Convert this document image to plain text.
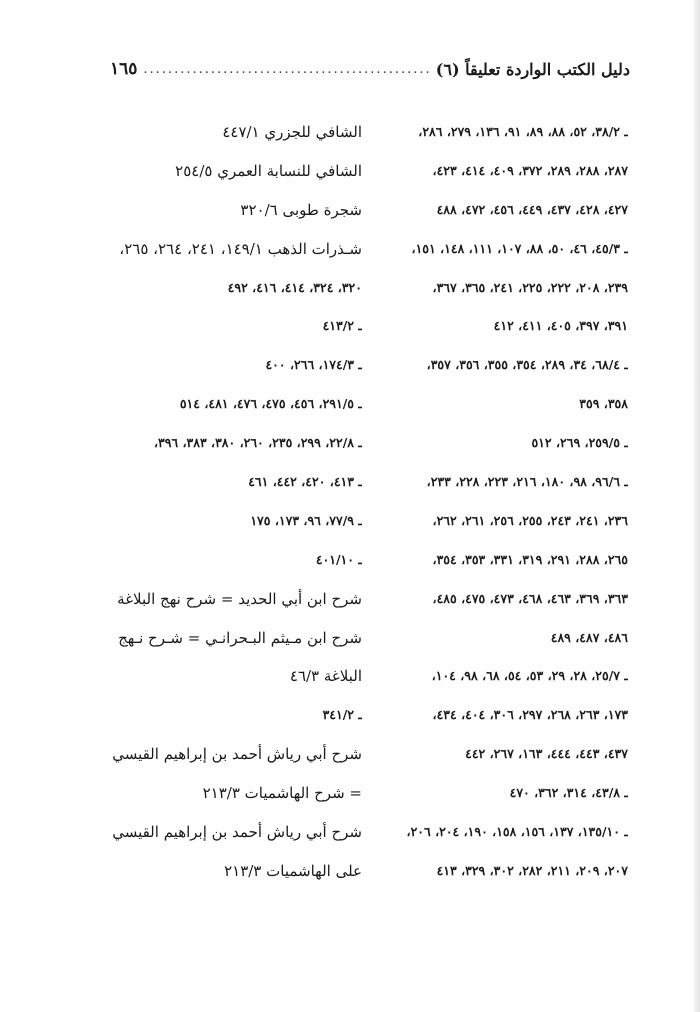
دليل الكتب الواردة تعليقاً (٦)
.....
١٦٥
ـ ٣٨/٢، ٥٢، ٨٨، ٨٩، ٩١، ١٣٦، ٢٧٩، ٢٨٦،
٢٨٧، ٢٨٨، ٢٨٩، ٣٧٢، ٤٠٩، ٤١٤، ٤٢٣،
٤٢٧، ٤٢٨، ٤٣٧، ٤٤٩، ٤٥٦، ٤٧٢، ٤٨٨
ـ ٤٥/٣، ٤٦، ٥٠، ٨٨، ١٠٧، ١١١، ١٤٨، ١٥١،
٢٣٩، ٢٠٨، ٢٢٢، ٢٢٥، ٢٤١، ٣٦٥، ٣٦٧،
٣٩١، ٣٩٧، ٤٠٥، ٤١١، ٤١٢
ـ ٦٨/٤، ٣٤، ٢٨٩، ٣٥٤، ٣٥٥، ٣٥٦، ٣٥٧،
٣٥٨، ٣٥٩
ـ ٢٥٩/٥، ٢٦٩، ٥١٢
ـ ٩٦/٦، ٩٨، ١٨٠، ٢١٦، ٢٢٣، ٢٢٨، ٢٣٣،
٢٣٦، ٢٤١، ٢٤٣، ٢٥٥، ٢٥٦، ٢٦١، ٢٦٢،
٢٦٥، ٢٨٨، ٢٩١، ٣١٩، ٣٣١، ٣٥٣، ٣٥٤،
٣٦٣، ٣٦٩، ٤٦٣، ٤٦٨، ٤٧٣، ٤٧٥، ٤٨٥،
٤٨٦، ٤٨٧، ٤٨٩
ـ ٢٥/٧، ٢٨، ٢٩، ٥٣، ٥٤، ٦٨، ٩٨، ١٠٤،
١٧٣، ٢٦٣، ٢٦٨، ٢٩٧، ٣٠٦، ٤٠٤، ٤٣٤،
٤٣٧، ٤٤٣، ٤٤٤، ١٦٣، ٢٦٧، ٤٤٢
ـ ٤٣/٨، ٣١٤، ٣٦٢، ٤٧٠
ـ ١٣٥/١٠، ١٣٧، ١٥٦، ١٥٨، ١٩٠، ٢٠٤، ٢٠٦،
٢٠٧، ٢٠٩، ٢١١، ٢٨٢، ٣٠٢، ٣٢٩، ٤١٣
الشافي للجزري ٤٤٧/١
الشافي للنسابة العمري ٢٥٤/٥
شجرة طوبى ٣٢٠/٦
شـذرات الذهب ١٤٩/١، ٢٤١، ٢٦٤، ٢٦٥،
٣٢٠، ٣٢٤، ٤١٤، ٤١٦، ٤٩٢
ـ ٤١٣/٢
ـ ١٧٤/٣، ٢٦٦، ٤٠٠
ـ ٢٩١/٥، ٤٥٦، ٤٧٥، ٤٧٦، ٤٨١، ٥١٤
ـ ٢٢/٨، ٢٩٩، ٢٣٥، ٢٦٠، ٣٨٠، ٣٨٣، ٣٩٦،
ـ ٤١٣، ٤٢٠، ٤٤٢، ٤٦١
ـ ٧٧/٩، ٩٦، ١٧٣، ١٧٥
ـ ٤٠١/١٠
شرح ابن أبي الحديد = شرح نهج البلاغة
شرح ابن مـيثم البـحرانـي = شـرح نـهج
البلاغة ٤٦/٣
ـ ٣٤١/٢
شرح أبي رياش أحمد بن إبراهيم القيسي
= شرح الهاشميات ٢١٣/٣
شرح أبي رياش أحمد بن إبراهيم القيسي
على الهاشميات ٢١٣/٣
